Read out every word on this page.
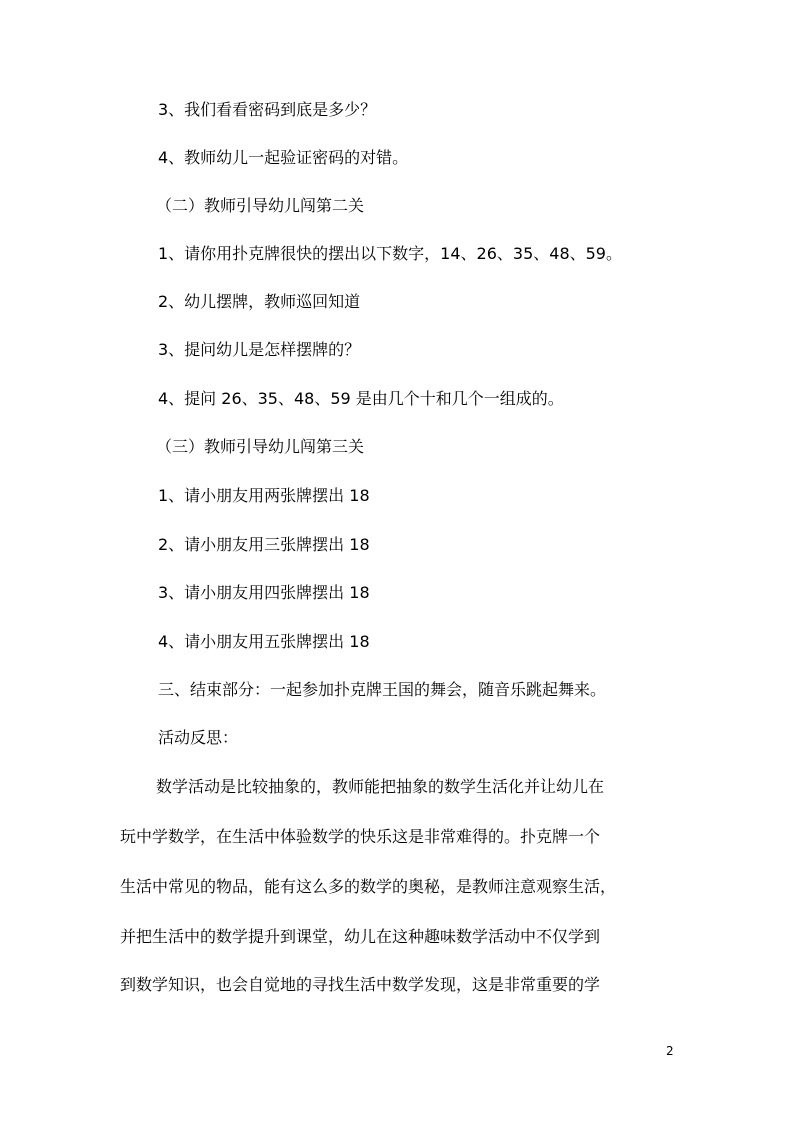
3、我们看看密码到底是多少？
4、教师幼儿一起验证密码的对错。
（二）教师引导幼儿闯第二关
1、请你用扑克牌很快的摆出以下数字，14、26、35、48、59。
2、幼儿摆牌，教师巡回知道
3、提问幼儿是怎样摆牌的？
4、提问 26、35、48、59 是由几个十和几个一组成的。
（三）教师引导幼儿闯第三关
1、请小朋友用两张牌摆出 18
2、请小朋友用三张牌摆出 18
3、请小朋友用四张牌摆出 18
4、请小朋友用五张牌摆出 18
三、结束部分：一起参加扑克牌王国的舞会，随音乐跳起舞来。
活动反思：
数学活动是比较抽象的，教师能把抽象的数学生活化并让幼儿在
玩中学数学，在生活中体验数学的快乐这是非常难得的。扑克牌一个
生活中常见的物品，能有这么多的数学的奥秘，是教师注意观察生活，
并把生活中的数学提升到课堂，幼儿在这种趣味数学活动中不仅学到
到数学知识，也会自觉地的寻找生活中数学发现，这是非常重要的学
2
